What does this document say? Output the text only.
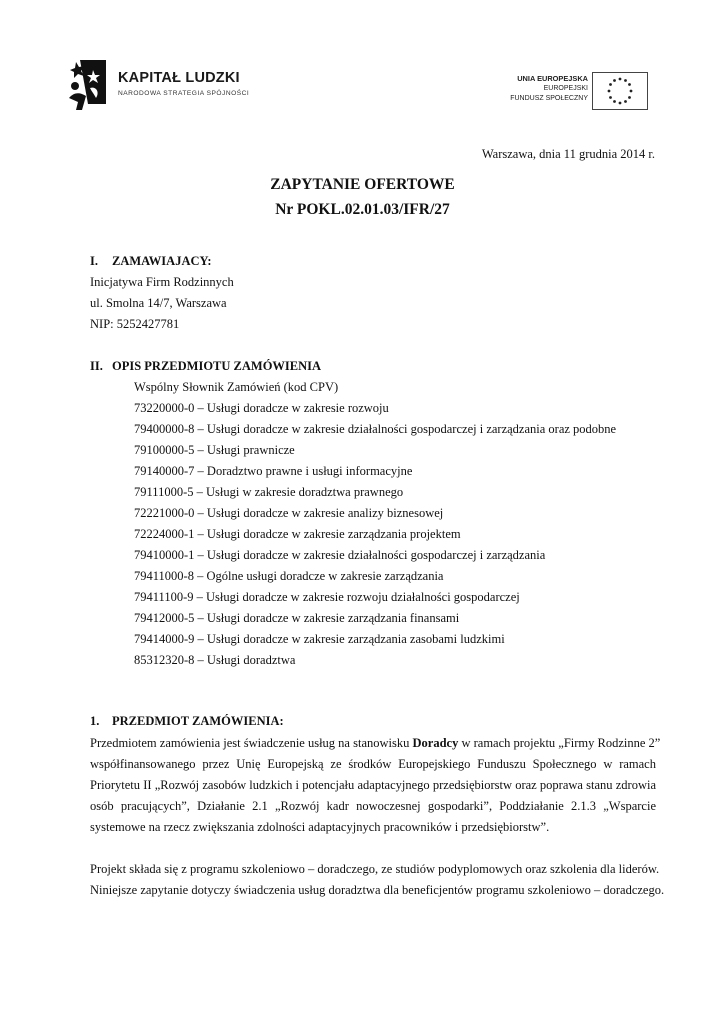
KAPITAŁ LUDZKI
NARODOWA STRATEGIA SPÓJNOŚCI
UNIA EUROPEJSKA
EUROPEJSKI
FUNDUSZ SPOŁECZNY
Warszawa, dnia 11 grudnia 2014 r.
ZAPYTANIE OFERTOWE
Nr POKL.02.01.03/IFR/27
I. ZAMAWIAJACY:
Inicjatywa Firm Rodzinnych
ul. Smolna 14/7, Warszawa
NIP: 5252427781
II. OPIS PRZEDMIOTU ZAMÓWIENIA
Wspólny Słownik Zamówień (kod CPV)
73220000-0 – Usługi doradcze w zakresie rozwoju
79400000-8 – Usługi doradcze w zakresie działalności gospodarczej i zarządzania oraz podobne
79100000-5 – Usługi prawnicze
79140000-7 – Doradztwo prawne i usługi informacyjne
79111000-5 – Usługi w zakresie doradztwa prawnego
72221000-0 – Usługi doradcze w zakresie analizy biznesowej
72224000-1 – Usługi doradcze w zakresie zarządzania projektem
79410000-1 – Usługi doradcze w zakresie działalności gospodarczej i zarządzania
79411000-8 – Ogólne usługi doradcze w zakresie zarządzania
79411100-9 – Usługi doradcze w zakresie rozwoju działalności gospodarczej
79412000-5 – Usługi doradcze w zakresie zarządzania finansami
79414000-9 – Usługi doradcze w zakresie zarządzania zasobami ludzkimi
85312320-8 – Usługi doradztwa
1. PRZEDMIOT ZAMÓWIENIA:
Przedmiotem zamówienia jest świadczenie usług na stanowisku Doradcy w ramach projektu „Firmy Rodzinne 2”
współfinansowanego przez Unię Europejską ze środków Europejskiego Funduszu Społecznego w ramach
Priorytetu II „Rozwój zasobów ludzkich i potencjału adaptacyjnego przedsiębiorstw oraz poprawa stanu zdrowia
osób pracujących”, Działanie 2.1 „Rozwój kadr nowoczesnej gospodarki”, Poddziałanie 2.1.3 „Wsparcie
systemowe na rzecz zwiększania zdolności adaptacyjnych pracowników i przedsiębiorstw”.
Projekt składa się z programu szkoleniowo – doradczego, ze studiów podyplomowych oraz szkolenia dla liderów.
Niniejsze zapytanie dotyczy świadczenia usług doradztwa dla beneficjentów programu szkoleniowo – doradczego.
